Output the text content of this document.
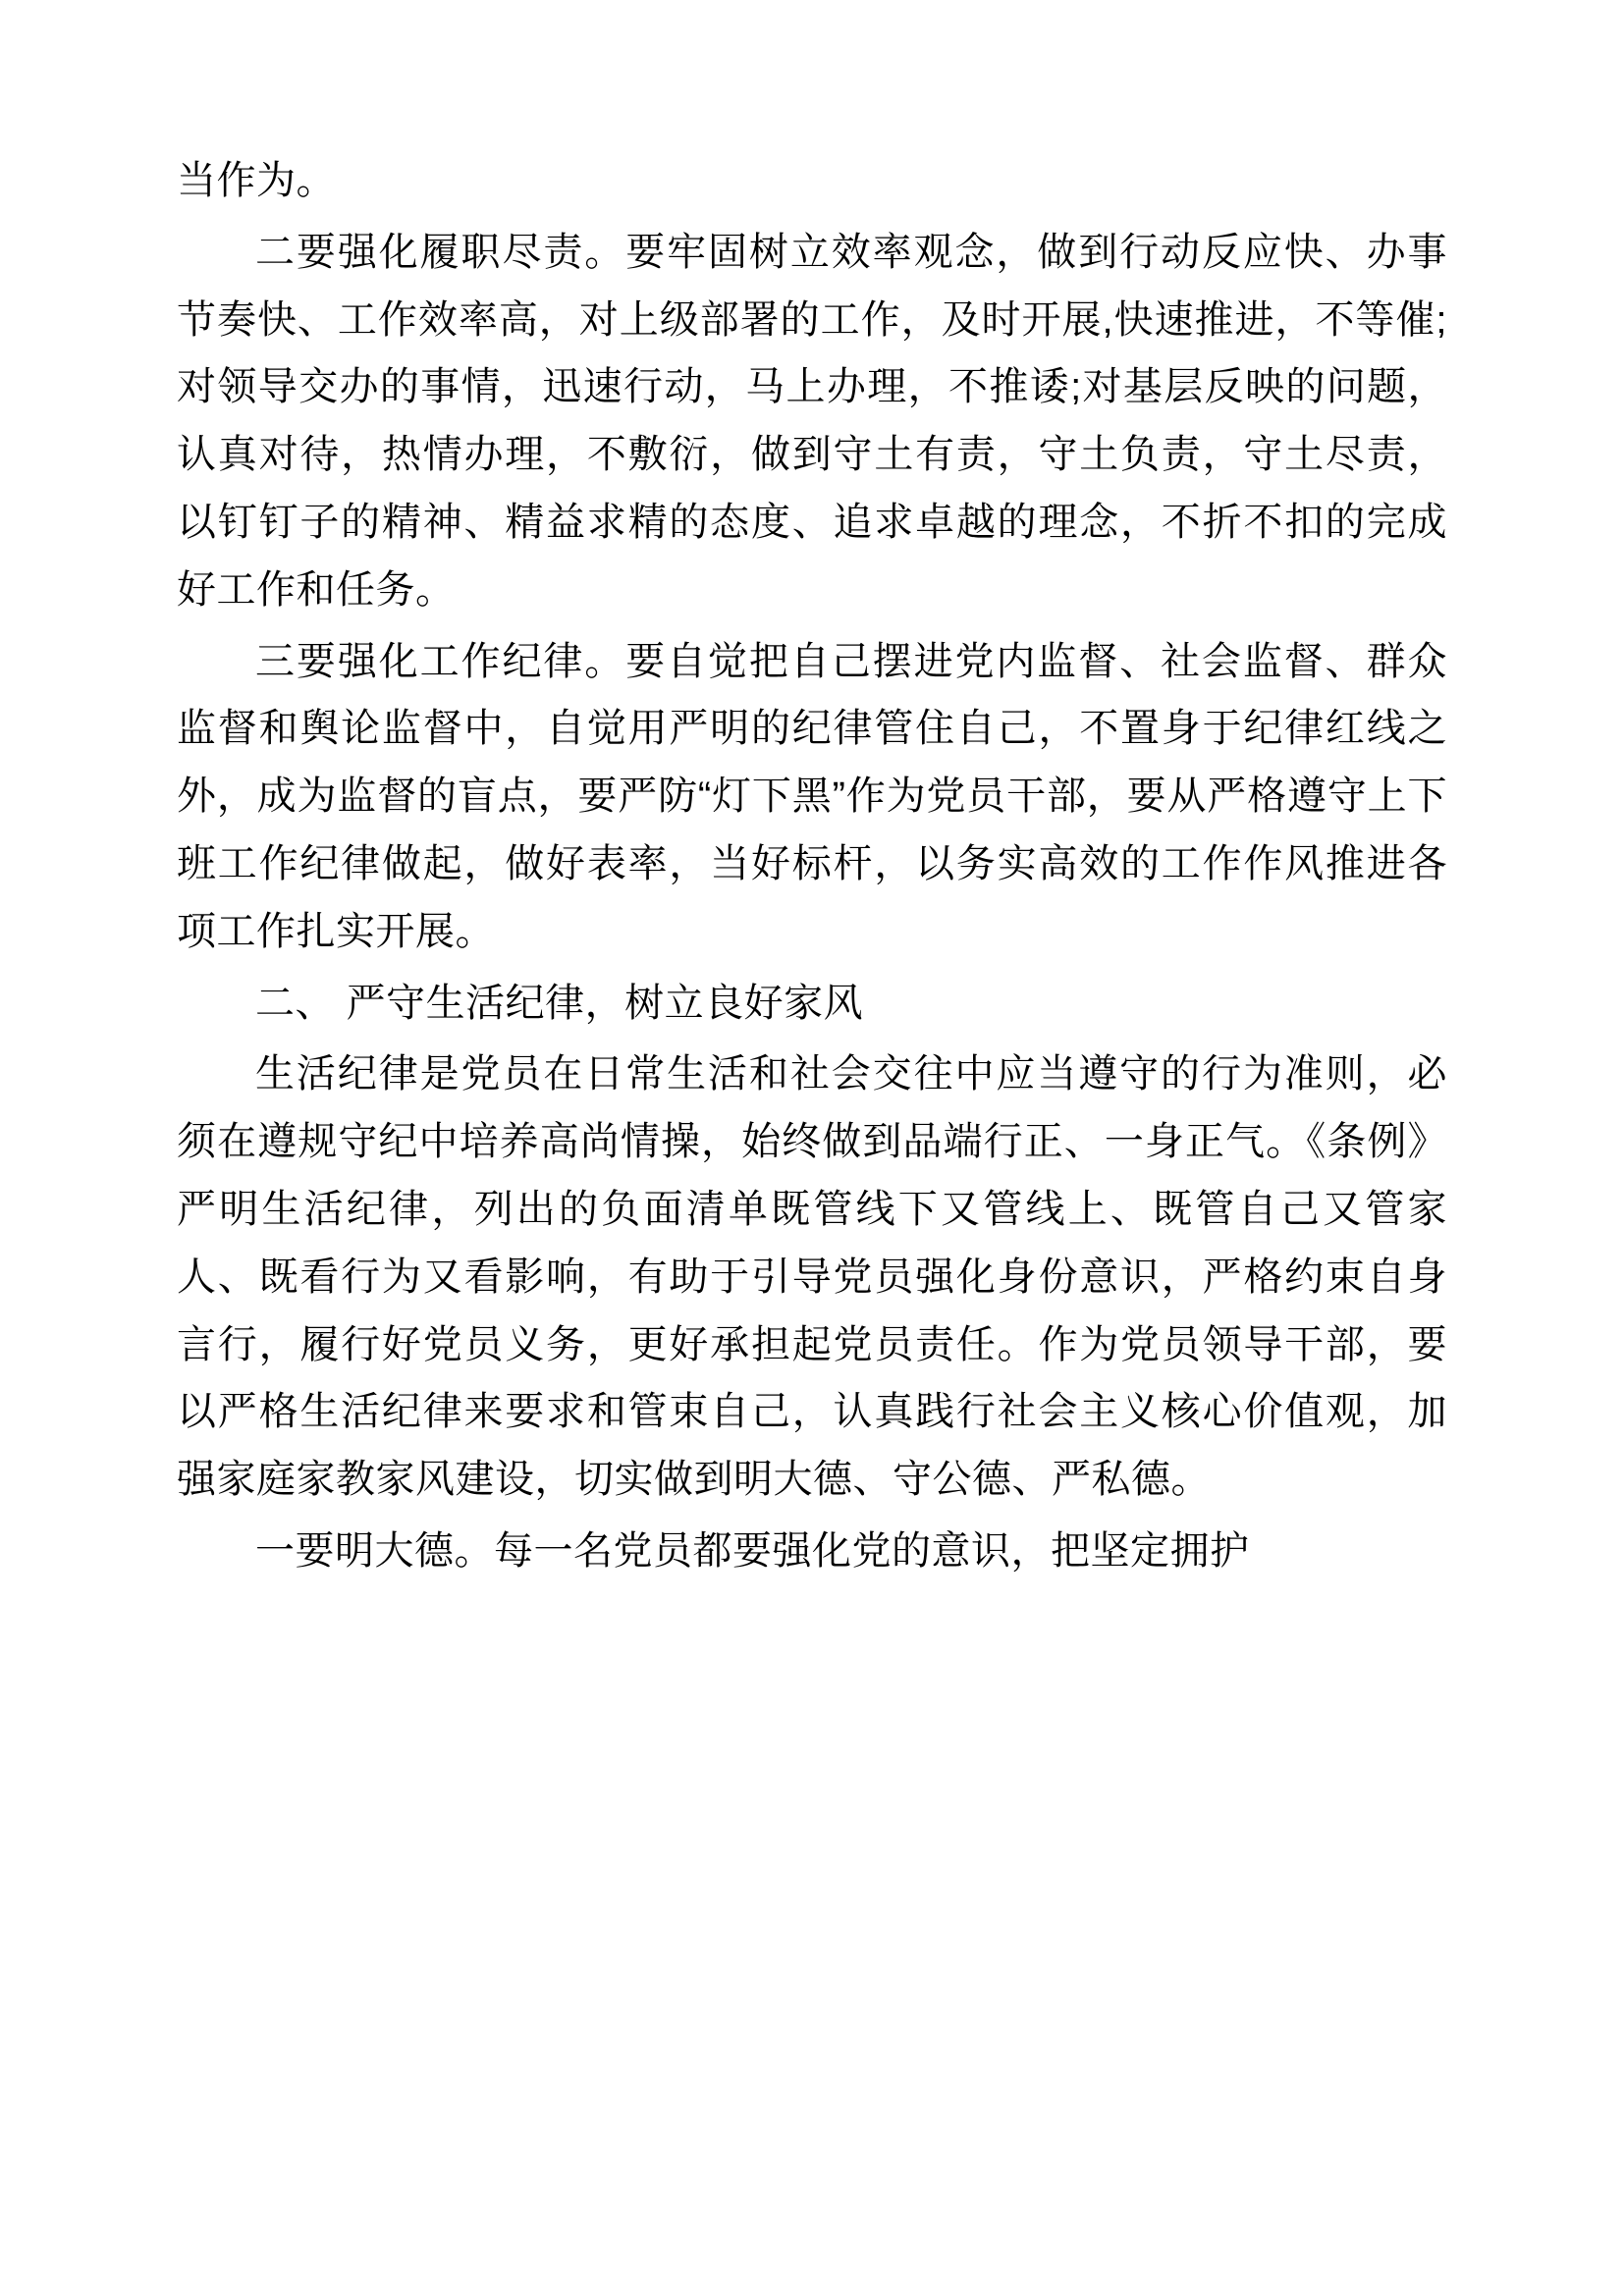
当作为。

二要强化履职尽责。要牢固树立效率观念，做到行动反应快、办事节奏快、工作效率高，对上级部署的工作，及时开展,快速推进，不等催;对领导交办的事情，迅速行动，马上办理，不推诿;对基层反映的问题，认真对待，热情办理，不敷衍，做到守土有责，守土负责，守土尽责，以钉钉子的精神、精益求精的态度、追求卓越的理念，不折不扣的完成好工作和任务。

三要强化工作纪律。要自觉把自己摆进党内监督、社会监督、群众监督和舆论监督中，自觉用严明的纪律管住自己，不置身于纪律红线之外，成为监督的盲点，要严防“灯下黑”作为党员干部，要从严格遵守上下班工作纪律做起，做好表率，当好标杆，以务实高效的工作作风推进各项工作扎实开展。

二、 严守生活纪律，树立良好家风

生活纪律是党员在日常生活和社会交往中应当遵守的行为准则，必须在遵规守纪中培养高尚情操，始终做到品端行正、一身正气。《条例》严明生活纪律，列出的负面清单既管线下又管线上、既管自己又管家人、既看行为又看影响，有助于引导党员强化身份意识，严格约束自身言行，履行好党员义务，更好承担起党员责任。作为党员领导干部，要以严格生活纪律来要求和管束自己，认真践行社会主义核心价值观，加强家庭家教家风建设，切实做到明大德、守公德、严私德。

一要明大德。每一名党员都要强化党的意识，把坚定拥护
